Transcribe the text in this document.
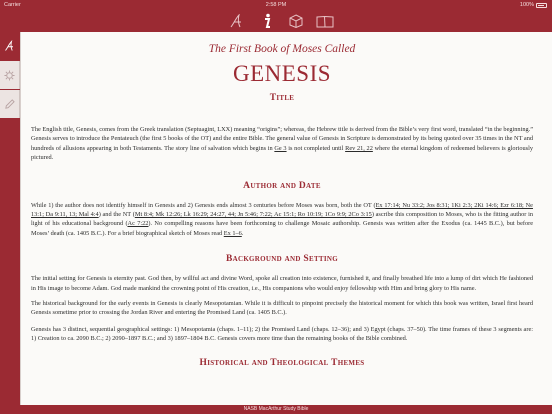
Carrier	2:58 PM	100%
The First Book of Moses Called
GENESIS
Title

The English title, Genesis, comes from the Greek translation (Septuagint, LXX) meaning “origins”; whereas, the Hebrew title is derived from the Bible’s very first word, translated “in the beginning.” Genesis serves to introduce the Pentateuch (the first 5 books of the OT) and the entire Bible. The general value of Genesis in Scripture is demonstrated by its being quoted over 35 times in the NT and hundreds of allusions appearing in both Testaments. The story line of salvation which begins in Ge 3 is not completed until Rev 21, 22 where the eternal kingdom of redeemed believers is gloriously pictured.

Author and Date

While 1) the author does not identify himself in Genesis and 2) Genesis ends almost 3 centuries before Moses was born, both the OT (Ex 17:14; Nu 33:2; Jos 8:31; 1Ki 2:3; 2Ki 14:6; Ezr 6:18; Ne 13:1; Da 9:11, 13; Mal 4:4) and the NT (Mt 8:4; Mk 12:26; Lk 16:29; 24:27, 44; Jn 5:46; 7:22; Ac 15:1; Ro 10:19; 1Co 9:9; 2Co 3:15) ascribe this composition to Moses, who is the fitting author in light of his educational background (Ac 7:22). No compelling reasons have been forthcoming to challenge Mosaic authorship. Genesis was written after the Exodus (ca. 1445 B.C.), but before Moses’ death (ca. 1405 B.C.). For a brief biographical sketch of Moses read Ex 1–6.

Background and Setting

The initial setting for Genesis is eternity past. God then, by willful act and divine Word, spoke all creation into existence, furnished it, and finally breathed life into a lump of dirt which He fashioned in His image to become Adam. God made mankind the crowning point of His creation, i.e., His companions who would enjoy fellowship with Him and bring glory to His name.

The historical background for the early events in Genesis is clearly Mesopotamian. While it is difficult to pinpoint precisely the historical moment for which this book was written, Israel first heard Genesis sometime prior to crossing the Jordan River and entering the Promised Land (ca. 1405 B.C.).

Genesis has 3 distinct, sequential geographical settings: 1) Mesopotamia (chaps. 1–11); 2) the Promised Land (chaps. 12–36); and 3) Egypt (chaps. 37–50). The time frames of these 3 segments are: 1) Creation to ca. 2090 B.C.; 2) 2090–1897 B.C.; and 3) 1897–1804 B.C. Genesis covers more time than the remaining books of the Bible combined.

Historical and Theological Themes
NASB MacArthur Study Bible
